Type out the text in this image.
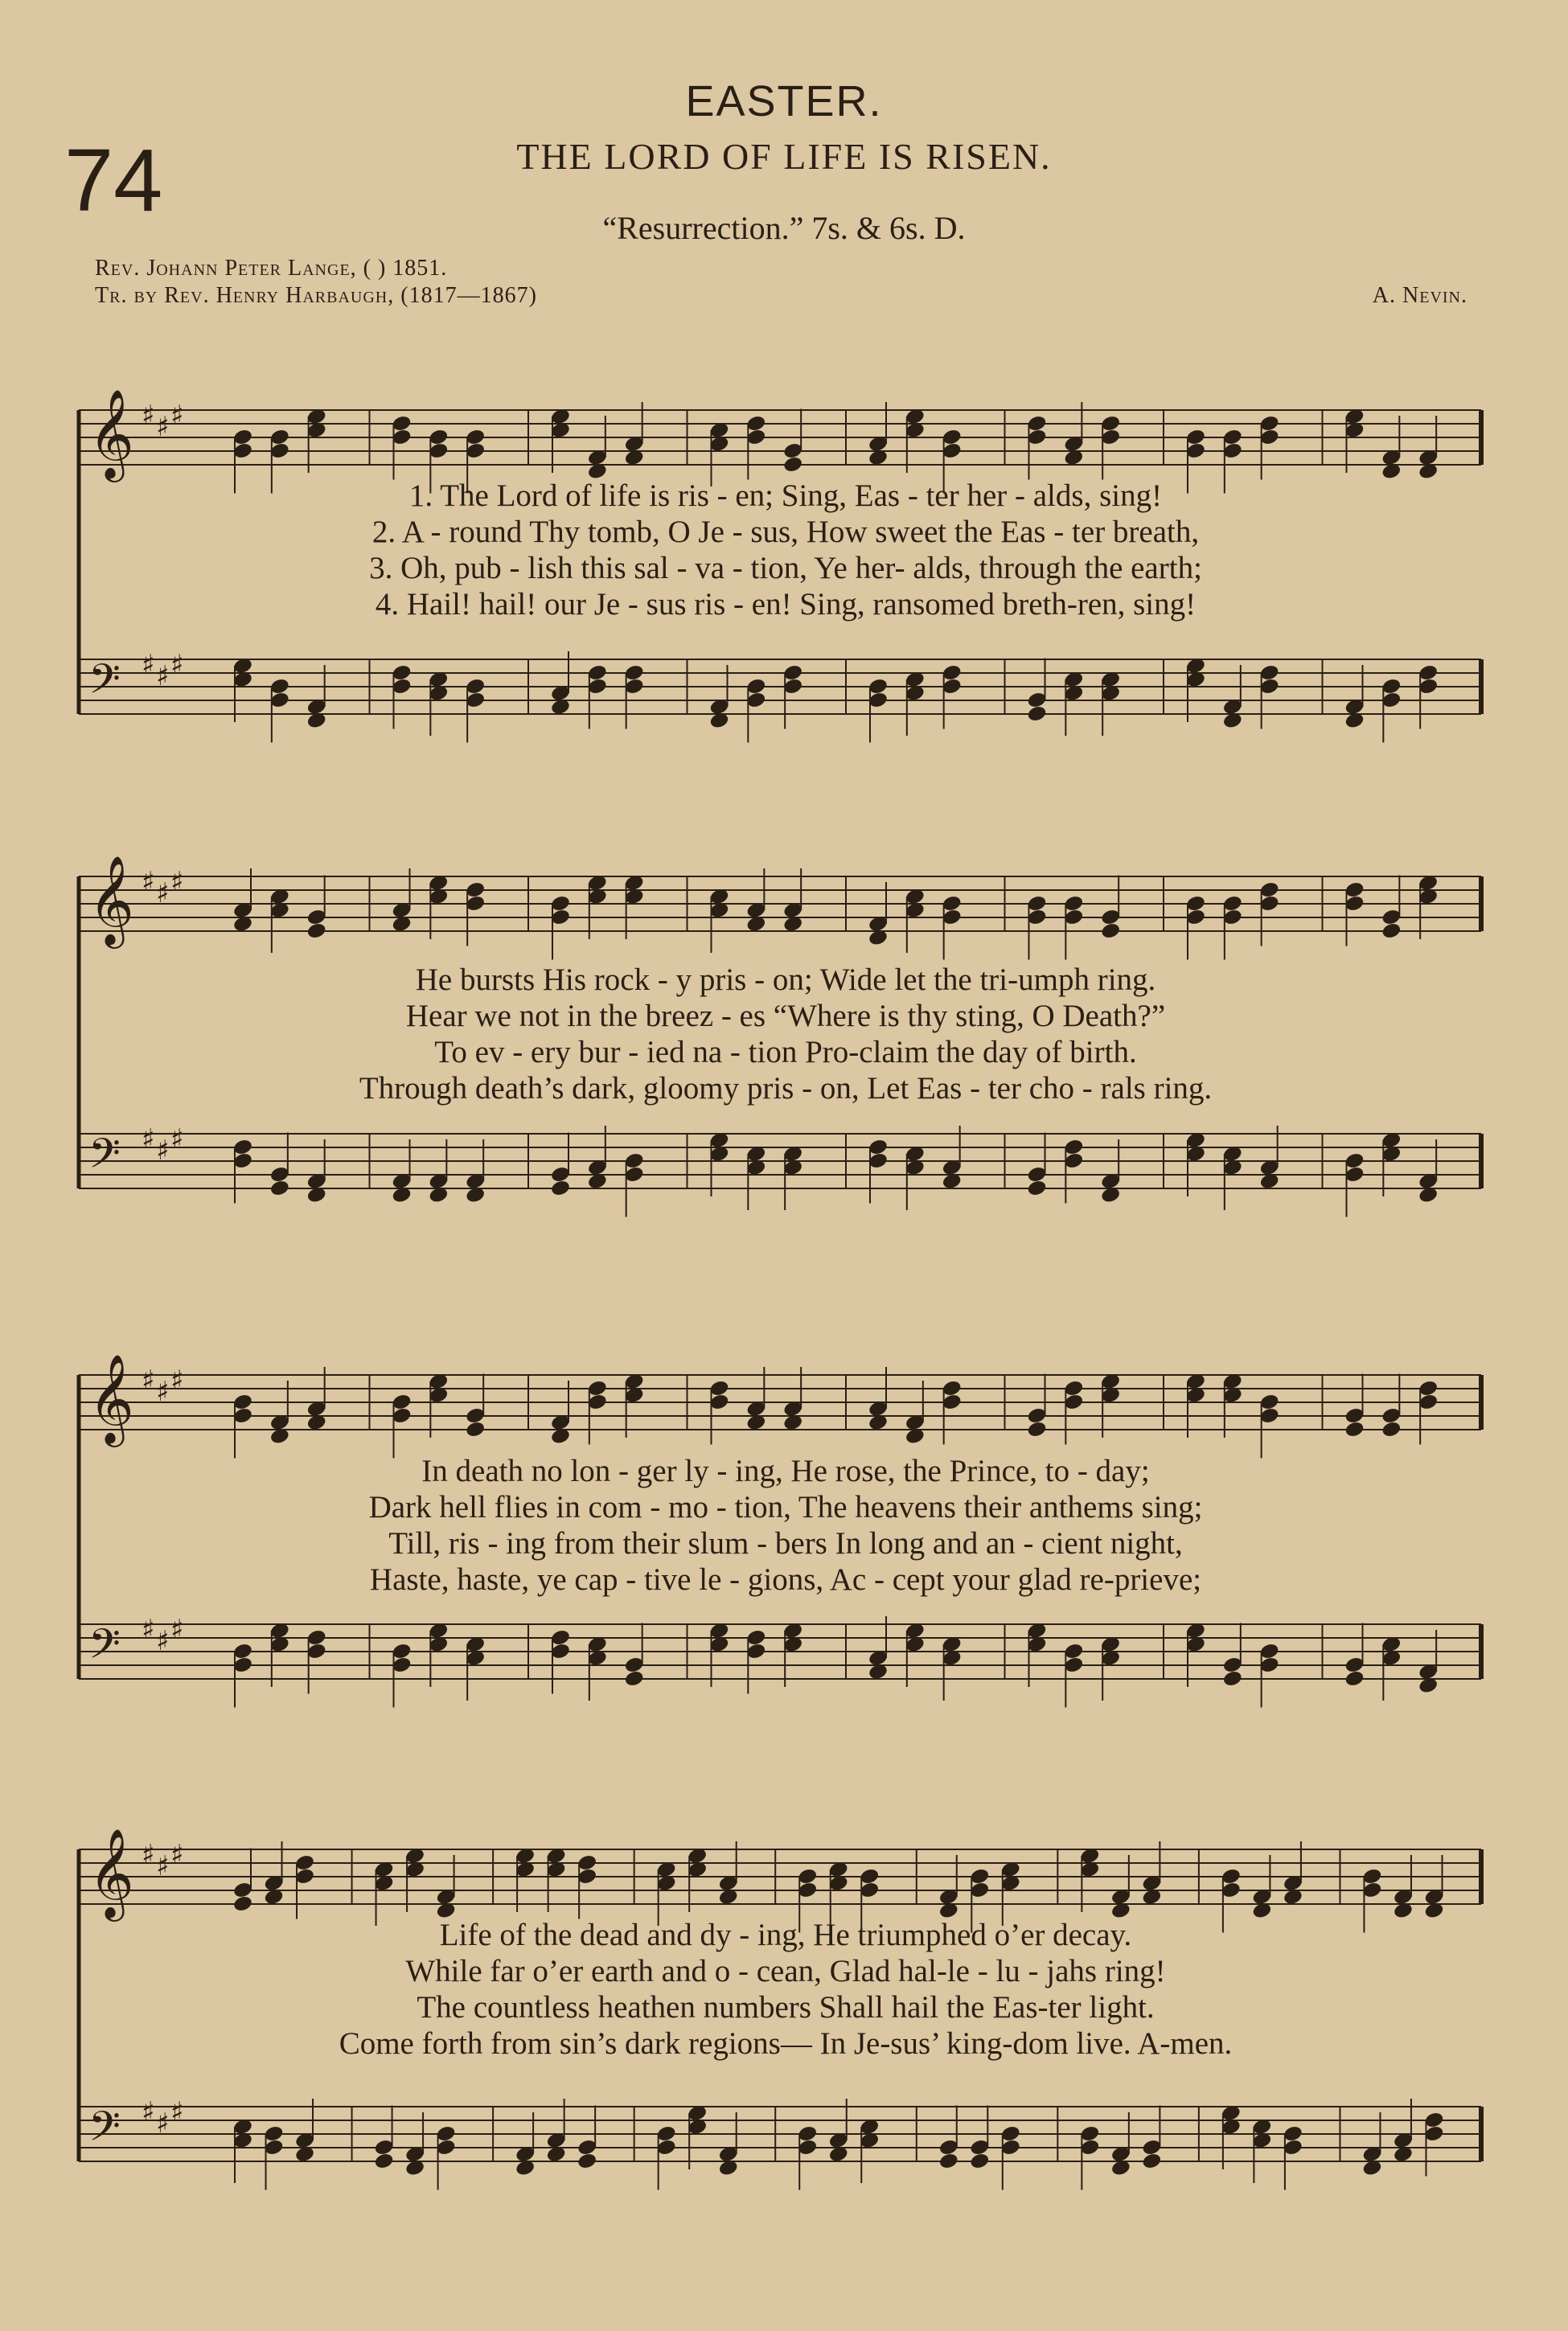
EASTER.
74	THE LORD OF LIFE IS RISEN.
“Resurrection.” 7s. & 6s. D.
Rev. Johann Peter Lange, ( ) 1851.
Tr. by Rev. Henry Harbaugh, (1817—1867)	A. Nevin.
𝄞 ♯ ♯ ♯
𝄢 ♯ ♯ ♯
1. The Lord of life is ris - en; Sing, Eas - ter her - alds, sing!
2. A - round Thy tomb, O Je - sus, How sweet the Eas - ter breath,
3. Oh, pub - lish this sal - va - tion, Ye her- alds, through the earth;
4. Hail! hail! our Je - sus ris - en! Sing, ransomed breth-ren, sing!
𝄞 ♯ ♯ ♯
𝄢 ♯ ♯ ♯
He bursts His rock - y pris - on; Wide let the tri-umph ring.
Hear we not in the breez - es “Where is thy sting, O Death?”
To ev - ery bur - ied na - tion Pro-claim the day of birth.
Through death’s dark, gloomy pris - on, Let Eas - ter cho - rals ring.
𝄞 ♯ ♯ ♯
𝄢 ♯ ♯ ♯
In death no lon - ger ly - ing, He rose, the Prince, to - day;
Dark hell flies in com - mo - tion, The heavens their anthems sing;
Till, ris - ing from their slum - bers In long and an - cient night,
Haste, haste, ye cap - tive le - gions, Ac - cept your glad re-prieve;
𝄞 ♯ ♯ ♯
𝄢 ♯ ♯ ♯
Life of the dead and dy - ing, He triumphed o’er decay.
While far o’er earth and o - cean, Glad hal-le - lu - jahs ring!
The countless heathen numbers Shall hail the Eas-ter light.
Come forth from sin’s dark regions— In Je-sus’ king-dom live. A-men.
